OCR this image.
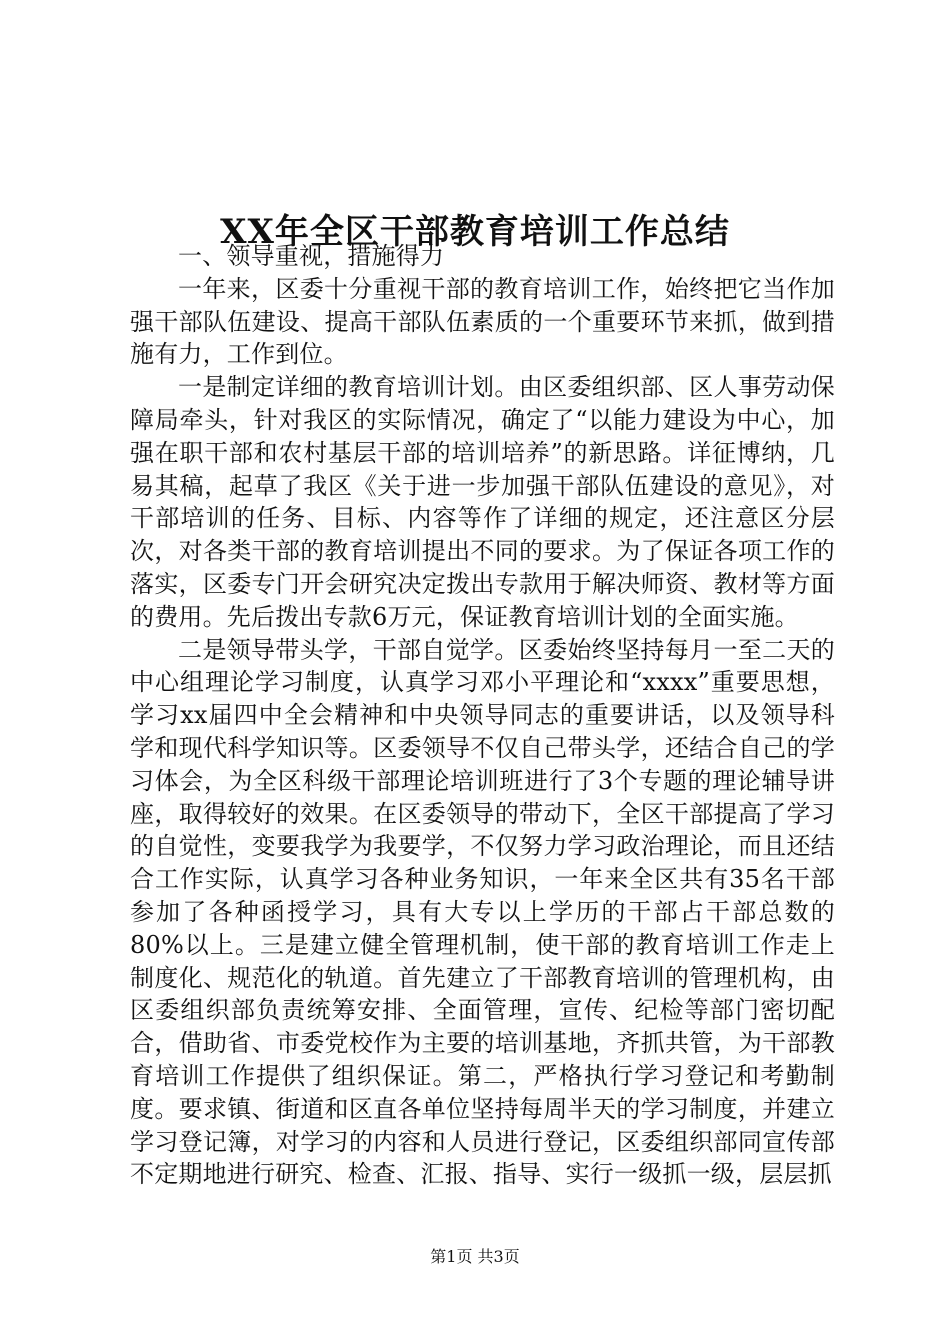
XX年全区干部教育培训工作总结

一、领导重视，措施得力

一年来，区委十分重视干部的教育培训工作，始终把它当作加强干部队伍建设、提高干部队伍素质的一个重要环节来抓，做到措施有力，工作到位。

一是制定详细的教育培训计划。由区委组织部、区人事劳动保障局牵头，针对我区的实际情况，确定了“以能力建设为中心，加强在职干部和农村基层干部的培训培养”的新思路。详征博纳，几易其稿，起草了我区《关于进一步加强干部队伍建设的意见》，对干部培训的任务、目标、内容等作了详细的规定，还注意区分层次，对各类干部的教育培训提出不同的要求。为了保证各项工作的落实，区委专门开会研究决定拨出专款用于解决师资、教材等方面的费用。先后拨出专款6万元，保证教育培训计划的全面实施。

二是领导带头学，干部自觉学。区委始终坚持每月一至二天的中心组理论学习制度，认真学习邓小平理论和“xxxx”重要思想，学习xx届四中全会精神和中央领导同志的重要讲话，以及领导科学和现代科学知识等。区委领导不仅自己带头学，还结合自己的学习体会，为全区科级干部理论培训班进行了3个专题的理论辅导讲座，取得较好的效果。在区委领导的带动下，全区干部提高了学习的自觉性，变要我学为我要学，不仅努力学习政治理论，而且还结合工作实际，认真学习各种业务知识，一年来全区共有35名干部参加了各种函授学习，具有大专以上学历的干部占干部总数的80%以上。三是建立健全管理机制，使干部的教育培训工作走上制度化、规范化的轨道。首先建立了干部教育培训的管理机构，由区委组织部负责统筹安排、全面管理，宣传、纪检等部门密切配合，借助省、市委党校作为主要的培训基地，齐抓共管，为干部教育培训工作提供了组织保证。第二，严格执行学习登记和考勤制度。要求镇、街道和区直各单位坚持每周半天的学习制度，并建立学习登记簿，对学习的内容和人员进行登记，区委组织部同宣传部不定期地进行研究、检查、汇报、指导、实行一级抓一级，层层抓

第1页 共3页
